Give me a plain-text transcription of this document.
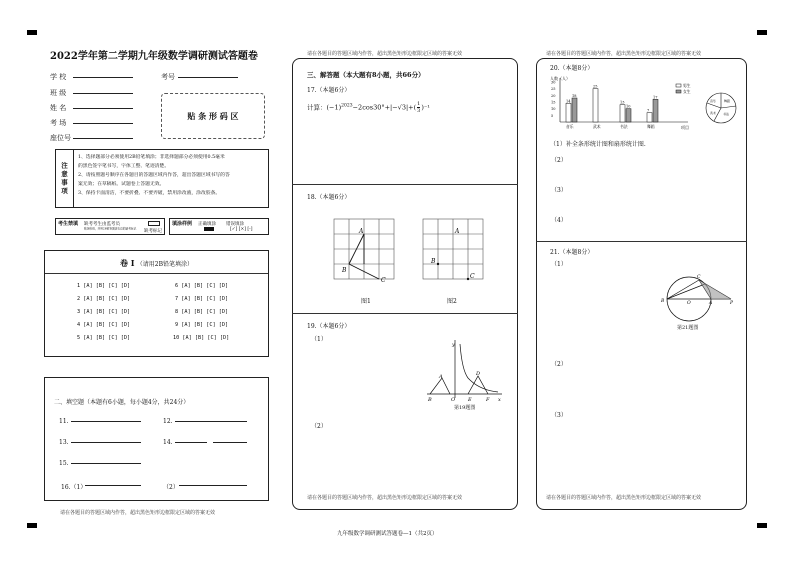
2022学年第二学期九年级数学调研测试答题卷
学 校	考号
班 级
姓 名
考 场
座位号
贴 条 形 码 区
注意事项
1、选择题部分必须使用2B铅笔填涂；非选择题部分必须使用0.5毫米
的黑色签字笔书写，字体工整、笔迹清楚。
2、请按照题号顺序在各题目的答题区域内作答，超出答题区域书写的答
案无效；在草稿纸、试题卷上答题无效。
3、保持卡面清洁，不要折叠、不要弄破，禁用涂改液，涂改胶条。
考生禁填 缺考考生由监考员
贴条形码，并用2B铅笔填涂右边的缺考标记 缺考标记
填涂样例 正确填涂 错误填涂
[✓] [×] [-]
卷 Ⅰ （请用2B铅笔填涂）
1 [A] [B] [C] [D]
2 [A] [B] [C] [D]
3 [A] [B] [C] [D]
4 [A] [B] [C] [D]
5 [A] [B] [C] [D]
6 [A] [B] [C] [D]
7 [A] [B] [C] [D]
8 [A] [B] [C] [D]
9 [A] [B] [C] [D]
10 [A] [B] [C] [D]
二、填空题（本题有6小题，每小题4分，共24分）
11.	12.
13.	14.
15.
16.（1）	（2）
请在各题目的答题区域内作答，超出黑色矩形边框限定区域的答案无效
请在各题目的答题区域内作答，超出黑色矩形边框限定区域的答案无效
三、解答题（本大题有8小题，共66分）
17.（本题6分）
计算：$(-1)^{2023}-2\cos 30^\circ+|-√3|+( \frac{1}{3} )^{-1}$
18.（本题6分）
A
B
C
A
B
C
图1	图2
19.（本题6分）
（1）
y
A	D
B	O	E	F x
第19题图
（2）
请在各题目的答题区域内作答，超出黑色矩形边框限定区域的答案无效
请在各题目的答题区域内作答，超出黑色矩形边框限定区域的答案无效
20.（本题8分）
5
10
15
20
25
30
14
18
25
13
10
7
17
音乐	武术	书法	舞蹈
人数（人）
项目
男生
女生
音乐	舞蹈
书法
武术
（1）补全条形统计图和扇形统计图.
（2）
（3）
（4）
21.（本题8分）
（1）
B	O
C
A	P
第21题图
（2）
（3）
请在各题目的答题区域内作答，超出黑色矩形边框限定区域的答案无效
九年级数学调研测试答题卷—1（共2页）
